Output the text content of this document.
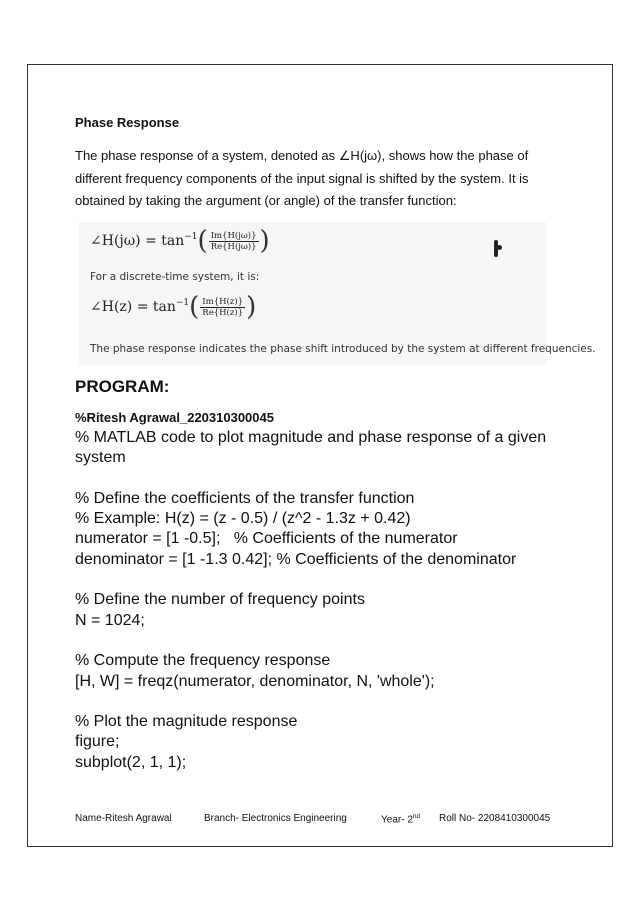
Phase Response

The phase response of a system, denoted as ∠H(jω), shows how the phase of
different frequency components of the input signal is shifted by the system. It is
obtained by taking the argument (or angle) of the transfer function:

∠H(jω) = tan −1 ( $\frac{Im\{H(j\omega)\}}{Re\{H(j\omega)\}}$ )
For a discrete-time system, it is:
∠H(z) = tan −1 ( $\frac{Im\{H(z)\}}{Re\{H(z)\}}$ )
The phase response indicates the phase shift introduced by the system at different frequencies.
PROGRAM:
%Ritesh Agrawal_220310300045
% MATLAB code to plot magnitude and phase response of a given
system
% Define the coefficients of the transfer function
% Example: H(z) = (z - 0.5) / (z^2 - 1.3z + 0.42)
numerator = [1 -0.5];   % Coefficients of the numerator
denominator = [1 -1.3 0.42]; % Coefficients of the denominator
% Define the number of frequency points
N = 1024;
% Compute the frequency response
[H, W] = freqz(numerator, denominator, N, 'whole');
% Plot the magnitude response
figure;
subplot(2, 1, 1);
Name-Ritesh Agrawal	Branch- Electronics Engineering	Year- 2nd Roll No- 2208410300045
